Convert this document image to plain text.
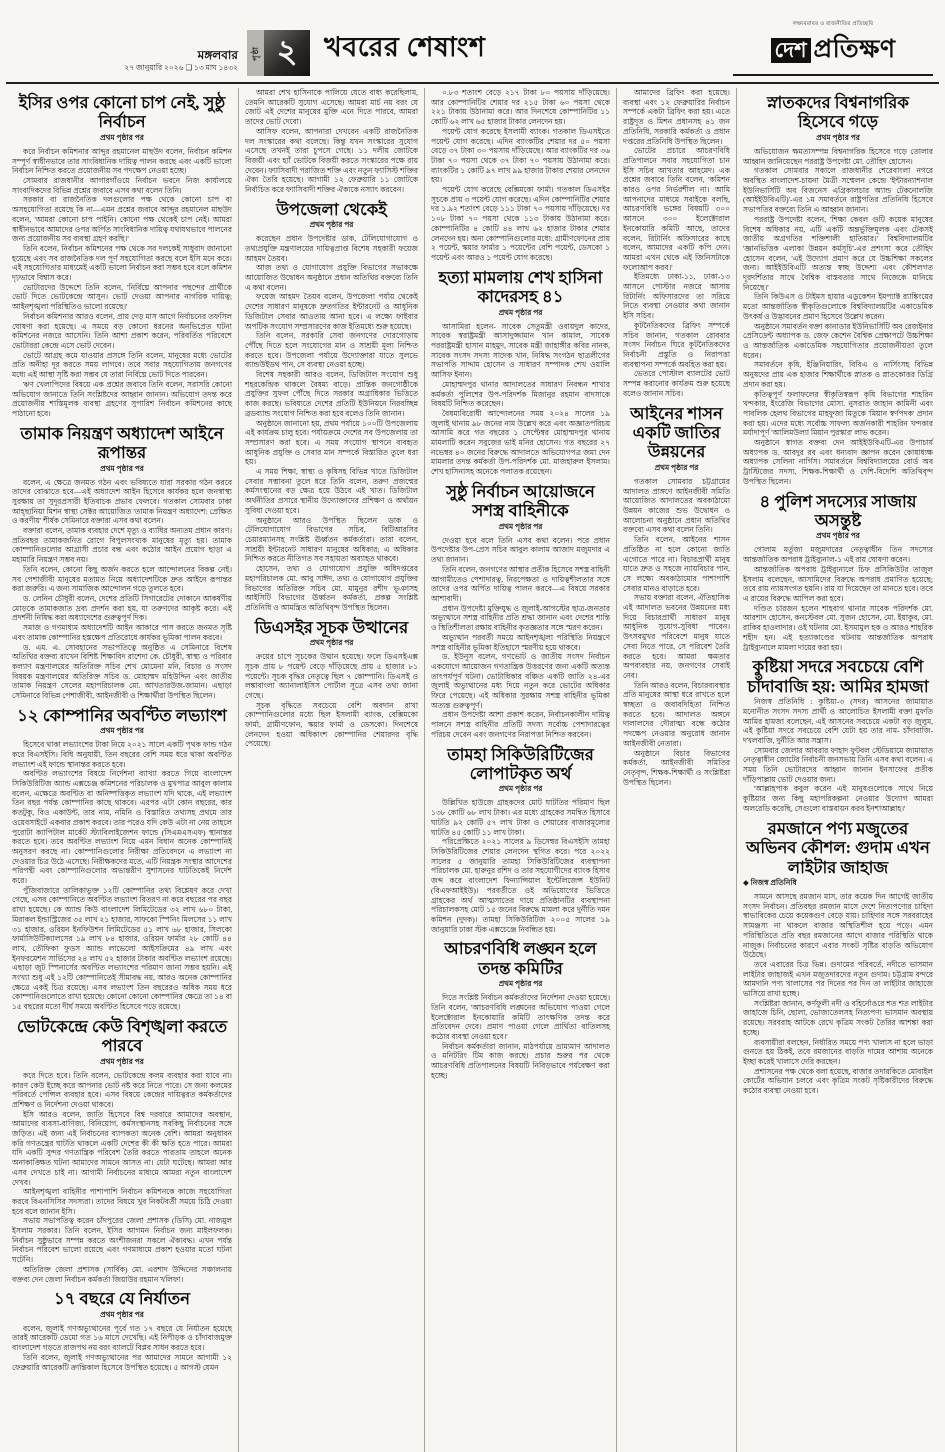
মঙ্গলবার
২৭ জানুয়ারি ২০২৬ ❑ ১৩ মাঘ ১৪৩২
পৃষ্ঠা ২ খবরের শেষাংশ
লক্ষ্যবরাবর ও রাজনীতির প্রতিচ্ছবি
দেশ প্রতিক্ষণ
ইসির ওপর কোনো চাপ নেই, সুষ্ঠু নির্বাচন
প্রথম পৃষ্ঠার পর

করে নির্বাচন কমিশনার আব্দুর রহমানেল মাছউদ বলেন, নির্বাচন কমিশন সম্পূর্ণ স্বাধীনভাবে তার সাংবিধানিক দায়িত্ব পালন করছে এবং একটি ভালো নির্বাচন নিশ্চিত করতে প্রয়োজনীয় সব পদক্ষেপ নেওয়া হচ্ছে।

সোমবার রাজধানীর আগারগাঁওয়ে নির্বাচন ভবনে নিজ কার্যালয়ে সাংবাদিকদের বিভিন্ন প্রশ্নের জবাবে এসব কথা বলেন তিনি।

সরকার বা রাজনৈতিক দলগুলোর পক্ষ থেকে কোনো চাপ বা অসহযোগিতা রয়েছে কি না—এমন প্রশ্নের জবাবে আব্দুর রহমানেল মাছউদ বলেন, 'আমরা কোনো চাপ পাইনি। কোনো পক্ষ থেকেই চাপ নেই। আমরা স্বাধীনভাবে আমাদের ওপর অর্পিত সাংবিধানিক দায়িত্ব যথাযথভাবে পালনের জন্য প্রয়োজনীয় সব ব্যবস্থা গ্রহণ করছি।'

তিনি বলেন, নির্বাচন কমিশনের পক্ষ থেকে সব দলকেই সাধুবাদ জানানো হয়েছে এবং সব রাজনৈতিক দল পূর্ণ সহযোগিতা করছে বলে ইসি মনে করে। এই সহযোগিতার মাধ্যমেই একটি ভালো নির্বাচন করা সম্ভব হবে বলে কমিশন দৃঢ়ভাবে বিশ্বাস করে।

ভোটারদের উদ্দেশে তিনি বলেন, 'নির্বিঘ্নে আপনার পছন্দের প্রার্থীকে ভোট দিতে ভোটকেন্দ্রে আসুন। ভোট দেওয়া আপনার নাগরিক দায়িত্ব; আইনশৃঙ্খলা পরিস্থিতিও ভালো রয়েছে।'

নির্বাচন কমিশনার আরও বলেন, প্রায় দেড় মাস আগে নির্বাচনের তফসিল ঘোষণা করা হয়েছে। এ সময়ে বড় কোনো ধরনের অনভিপ্রেত ঘটনা কমিশনের নজরে আসেনি। তিনি আশা প্রকাশ করেন, পরিবর্তিত পরিবেশে ভোটাররা কেন্দ্রে এসে ভোট দেবেন।

ভোটে আগ্রহ কমে যাওয়ার প্রসঙ্গে তিনি বলেন, মানুষের মধ্যে ভোটের প্রতি অনীহা দূর করতে সময় লাগবে। তবে সবার সহযোগিতায় জনগণের মধ্যে এই আস্থা সৃষ্টি করা সম্ভব যে তারা নির্বিঘ্নে ভোট দিতে পারবেন।

ঋণ খেলাপিদের বিষয়ে এক প্রশ্নের জবাবে তিনি বলেন, সরাসরি কোনো অভিযোগ জানাতে তিনি সংশ্লিষ্টদের আহ্বান জানান। অভিযোগ তদন্ত করে প্রয়োজনীয় শাস্তিমূলক ব্যবস্থা গ্রহণের সুপারিশ নির্বাচন কমিশনের কাছে পাঠানো হবে।

তামাক নিয়ন্ত্রণ অধ্যাদেশ আইনে রূপান্তর
প্রথম পৃষ্ঠার পর

বলেন, এ ক্ষেত্রে জনমত গঠন এবং ভবিষ্যতে যারা সরকার গঠন করবে তাদের বোঝাতে হবে—এই অধ্যাদেশ আইন হিসেবে কার্যকর হলে জনস্বাস্থ্য সুরক্ষায় তা সুদূরপ্রসারী ইতিবাচক প্রভাব ফেলবে। গতকাল সোমবার ঢাকা আহ্ছানিয়া মিশন স্বাস্থ্য সেক্টর আয়োজিত 'তামাক নিয়ন্ত্রণ অধ্যাদেশ: প্রেক্ষিত ও করণীয়' শীর্ষক সেমিনারে বক্তারা এসব কথা বলেন।

বক্তারা বলেন, তামাক ব্যবহার দেশে মৃত্যু ও ব্যাধির অন্যতম প্রধান কারণ। প্রতিবছর তামাকজনিত রোগে বিপুলসংখ্যক মানুষের মৃত্যু হয়। তামাক কোম্পানিগুলোর আগ্রাসী প্রচার বন্ধ এবং কঠোর আইন প্রয়োগ ছাড়া এ মহামারি নিয়ন্ত্রণ সম্ভব নয়।

তিনি বলেন, কোনো কিছু অর্জন করতে হলে আন্দোলনের বিকল্প নেই। সব পেশাজীবী মানুষের মতামত নিয়ে অধ্যাদেশটিকে দ্রুত আইনে রূপান্তর করা জরুরি। এ জন্য সামাজিক আন্দোলন গড়ে তুলতে হবে।

ড. লেনিন চৌধুরী বলেন, দেশের প্রতিটি সিগারেটের দোকানে আকর্ষণীয় মোড়কে তামাকজাত দ্রব্য প্রদর্শন করা হয়, যা তরুণদের আকৃষ্ট করে। এই প্রদর্শনী নিষিদ্ধ করা অধ্যাদেশের গুরুত্বপূর্ণ দিক।

সমাজ ও গণমাধ্যম অধ্যাদেশটি আইন আকারে পাস করতে জনমত সৃষ্টি এবং তামাক কোম্পানির হস্তক্ষেপ প্রতিরোধে কার্যকর ভূমিকা পালন করবে।

ড. এম. এ. সোবহানের সভাপতিত্বে অনুষ্ঠিত এ সেমিনারে বিশেষ অতিথির বক্তব্য রাখেন বিশিষ্ট শিক্ষাবিদ রাশেদা কে. চৌধুরী, স্বাস্থ্য ও পরিবার কল্যাণ মন্ত্রণালয়ের অতিরিক্ত সচিব শেখ মোমেনা মনি, বিচার ও সংসদ বিষয়ক মন্ত্রণালয়ের অতিরিক্ত সচিব ড. মোহাম্মদ মহিউদ্দিন এবং জাতীয় তামাক নিয়ন্ত্রণ সেলের মহাপরিচালক মো. আখতারউজ-জামান। এছাড়া সেমিনারে বিভিন্ন পেশাজীবী, আইনজীবী ও শিক্ষার্থীরা উপস্থিত ছিলেন।

১২ কোম্পানির অবণ্টিত লভ্যাংশ
প্রথম পৃষ্ঠার পর

হিসেবে থাকা লভ্যাংশের টাকা নিয়ে ২০২১ সালে একটি পৃথক ফান্ড গঠন করে বিএসইসি। বিধি অনুযায়ী, তিন বছরের বেশি সময় ধরে থাকা অবণ্টিত লভ্যাংশ এই ফান্ডে স্থানান্তর করতে হবে।

অবণ্টিত লভ্যাংশের বিষয়ে নির্দেশনা ব্যাখ্যা করতে গিয়ে বাংলাদেশ সিকিউরিটিজ অ্যান্ড এক্সচেঞ্জ কমিশনের পরিচালক ও মুখপাত্র আবুল কালাম বলেন, এক্ষেত্রে অবণ্টিত বা অনিষ্পত্তিকৃত লভ্যাংশ যদি থাকে, এই লভ্যাংশ তিন বছর পর্যন্ত কোম্পানির কাছে থাকবে। এরপর এটা কোন বছরের, কার কতটুকু, বিও একাউন্ট, তার নাম, নমিনি ও বিস্তারিত তথ্যসহ প্রথমে তার ওয়েবসাইটে একবার প্রকাশ করবে। তার পরেও যদি কেউ এটা না নেয় তাহলে পুরোটা ক্যাপিটাল মার্কেট স্ট্যাবিলাইজেশন ফান্ডে (সিএমএসএফ) স্থানান্তর করতে হবে। তবে অবণ্টিত লভ্যাংশ নিয়ে এমন বিধান অনেক কোম্পানিই অনুসরণ করছে না। কোম্পানিগুলোর নিরীক্ষা প্রতিবেদনে এ লভ্যাংশ না দেওয়ার চিত্র উঠে এসেছে। নিরীক্ষকদের মতে, এটি নিয়ন্ত্রক সংস্থার আদেশের পরিপন্থী এবং কোম্পানিগুলোর অভ্যন্তরীণ সুশাসনের ঘাটতিকেই নির্দেশ করে।

পুঁজিবাজারে তালিকাভুক্ত ১২টি কোম্পানির তথ্য বিশ্লেষণ করে দেখা গেছে, এসব কোম্পানিতে অবণ্টিত লভ্যাংশ বিতরণ না করে বছরের পর বছর রাখা হয়েছে। কে অ্যান্ড কিউ বাংলাদেশ লিমিটেডের ৩২ লাখ ৬৮০ টাকা, মিরাকল ইন্ডাস্ট্রিজের ৩৫ লাখ ২১ হাজার, সাফকো স্পিনিং মিলসের ১১ লাখ ৩১ হাজার, ওরিয়ন ইনফিউশন লিমিটেডের ৫১ লাখ ৬৮ হাজার, সিলকো ফার্মাসিউটিক্যালসের ১৯ লাখ ৮৪ হাজার, ওরিয়ন ফার্মার ২৮ কোটি ৪৪ লাখ, তৌফিকা ফুডস অ্যান্ড লাভেলো আইসক্রিমের ৪৯ লাখ এবং ইনফরমেশন সার্ভিসের ২৪ লাখ ৫২ হাজার টাকার অবণ্টিত লভ্যাংশ রয়েছে। এছাড়া জুট স্পিনার্সের অবণ্টিত লভ্যাংশের পরিমাণ জানা সম্ভব হয়নি। এই সংখ্যা শুধু এই ১২টি কোম্পানিতেই সীমাবদ্ধ নয়, আরও অনেক কোম্পানির ক্ষেত্রে একই চিত্র রয়েছে। এসব লভ্যাংশ তিন বছরেরও অধিক সময় ধরে কোম্পানিগুলোতে রাখা হয়েছে। কোনো কোনো কোম্পানির ক্ষেত্রে তা ১৪ বা ১৫ বছরের মতো দীর্ঘ সময়ে অবণ্টিত হিসেবে পড়ে রয়েছে।

ভোটকেন্দ্রে কেউ বিশৃঙ্খলা করতে পারবে
প্রথম পৃষ্ঠার পর

করে দিতে হবে। তিনি বলেন, ভোটকেন্দ্রে কলম ব্যবহার করা যাবে না। কারণ কেউ ইচ্ছে করে আপনার ভোট নষ্ট করে নিতে পারে। সে জন্য কলমের পরিবর্তে পেন্সিল ব্যবহার হবে। এসব বিষয়ে কেন্দ্রের দায়িত্বরত কর্মকর্তাদের প্রশিক্ষণ ও নির্দেশনা দেওয়া থাকবে।

ইসি আরও বলেন, জাতি হিসেবে বিশ্ব দরবারে আমাদের অবস্থান, আমাদের ব্যবসা-বাণিজ্য, বিনিয়োগ, কর্মসংস্থানসহ সবকিছু নির্বাচনের সঙ্গে জড়িত। এই জন্য এই নির্বাচনের ব্যাপকতা অনেক বেশি। আমরা অনুধাবন করি গণতন্ত্রের ঘাটতি থাকলে একটি দেশের কী কী ক্ষতি হতে পারে। আমরা যদি একটি সুন্দর গণতান্ত্রিক পরিবেশ তৈরি করতে পারতাম তাহলে অনেক অনাকাঙ্ক্ষিত ঘটনা আমাদের সামনে আসত না। যেটা ঘটেছে। আমরা আর এসব দেখতে চাই না। আগামী নির্বাচনের মাধ্যমে আমরা নতুন বাংলাদেশ দেখব।

আইনশৃঙ্খলা বাহিনীর পাশাপাশি নির্বাচন কমিশনকে কাজে সহযোগিতা করবে বিএনসিসির সদস্যরা। তাদের বিষয়ে খুব নিকটবর্তী সময়ে চিঠি দেওয়া হবে বলে জানান ইসি।

সভায় সভাপতিত্ব করেন চাঁদপুরের জেলা প্রশাসক (ডিসি) মো. নাজমুল ইসলাম সরকার। তিনি বলেন, ইসির আগমন নির্বাচন জন্য মাইলফলক। নির্বাচন সুষ্ঠুভাবে সম্পন্ন করতে অংশীজনরা সকলে ঐক্যবদ্ধ। এখন পর্যন্ত নির্বাচন পরিবেশ ভালো রয়েছে এবং গণমাধ্যমে প্রকাশ হওয়ার মতো ঘটনা ঘটেনি।

অতিরিক্ত জেলা প্রশাসক (সার্বিক) মো. এরশাদ উদ্দিনের সঞ্চালনায় বক্তব্য দেন জেলা নির্বাচন কর্মকর্তা জিয়াউর রহমান খলিফা।

১৭ বছরে যে নির্যাতন
প্রথম পৃষ্ঠার পর

বলেন, জুলাই গণঅভ্যুত্থানের পূর্বে গত ১৭ বছরে যে নির্যাতন হয়েছে তারই আরেকটি ডেমো গত ১৬ মাসে দেখেছি। এই নিপীড়ক ও চাঁদাবাজমুক্ত বাংলাদেশ গড়তে রাজপথ নয় বরং ব্যালটে বিপ্লব সাধন করতে হবে।

তিনি বলেন, জুলাই গণঅভ্যুত্থানের পর আমাদের সামনে আগামী ১২ ফেব্রুয়ারি আরেকটি ক্রান্তিকাল হিসেবে উপস্থিত হয়েছে। ৫ আগস্ট যেমন

আমরা শেখ হাসিনাকে পালিয়ে যেতে বাধ্য করেছিলাম, তেমনি আরেকটি সুযোগ এসেছে। আমরা মার্চ নয় বরং যে জোট এই দেশের মানুষের মুক্তি এনে দিতে পারবে, আমরা তাদের ভোট দেবো।

আসিফ বলেন, আপনারা দেখবেন একটি রাজনৈতিক দল সংস্কারের কথা বলেছে। কিন্তু যখন সংস্কারের সুযোগ এসেছে তখনই তারা চুপসে গেছে। ১১ দলীয় জোটকে বিজয়ী এবং হ্যাঁ ভোটকে বিজয়ী করতে সংস্কারের পক্ষে রায় দেবেন। ফ্যাসিবাদী পরাজিত শক্তি এবং নতুন ফ্যাসিস্ট শক্তির ঐক্য তৈরি হয়েছে। আগামী ১২ ফেব্রুয়ারি ১১ জোটকে নির্বাচিত করে ফ্যাসিবাদী শক্তির ঐক্যকে নস্যাৎ করবেন।

উপজেলা থেকেই
প্রথম পৃষ্ঠার পর

করেছেন প্রধান উপদেষ্টার ডাক, টেলিযোগাযোগ ও তথ্যপ্রযুক্তি মন্ত্রণালয়ের দায়িত্বপ্রাপ্ত বিশেষ সহকারী ফয়েজ আহমদ তৈয়ব।

আজ তথ্য ও যোগাযোগ প্রযুক্তি বিভাগের সভাকক্ষে আয়োজিত উদ্বোধন অনুষ্ঠানে প্রধান অতিথির বক্তব্যে তিনি এ কথা বলেন।

ফয়েজ আহমদ তৈয়ব বলেন, উপজেলা পর্যায় থেকেই দেশের সাধারণ মানুষকে দ্রুতগতির ইন্টারনেট ও আধুনিক ডিজিটাল সেবার আওতায় আনা হবে। এ লক্ষ্যে ফাইবার অপটিক সংযোগ সম্প্রসারণের কাজ ইতিমধ্যে শুরু হয়েছে।

তিনি বলেন, সরকারি সেবা জনগণের দোরগোড়ায় পৌঁছে দিতে হলে সংযোগের মান ও সাশ্রয়ী মূল্য নিশ্চিত করতে হবে। উপজেলা পর্যায়ে উদ্যোক্তারা যাতে সুলভে ব্যান্ডউইডথ পান, সে ব্যবস্থা নেওয়া হচ্ছে।

বিশেষ সহকারী আরও বলেন, ডিজিটাল সংযোগ শুধু শহরকেন্দ্রিক থাকলে বৈষম্য বাড়ে। প্রান্তিক জনগোষ্ঠীকে প্রযুক্তির সুফল পৌঁছে দিতে সরকার অগ্রাধিকার ভিত্তিতে কাজ করছে। ভবিষ্যতে দেশের প্রতিটি ইউনিয়নে নিরবচ্ছিন্ন ব্রডব্যান্ড সংযোগ নিশ্চিত করা হবে বলেও তিনি জানান।

অনুষ্ঠানে জানানো হয়, প্রথম পর্যায়ে ১০০টি উপজেলায় এই কার্যক্রম চালু হবে। পর্যায়ক্রমে দেশের সব উপজেলায় তা সম্প্রসারণ করা হবে। এ সময় সংযোগ স্থাপনে ব্যবহৃত আধুনিক প্রযুক্তি ও সেবার মান সম্পর্কে বিস্তারিত তুলে ধরা হয়।

এ সময় শিক্ষা, স্বাস্থ্য ও কৃষিসহ বিভিন্ন খাতে ডিজিটাল সেবার সম্ভাবনা তুলে ধরে তিনি বলেন, তরুণ প্রজন্মের কর্মসংস্থানের বড় ক্ষেত্র হয়ে উঠবে এই খাত। ডিজিটাল অর্থনীতির প্রসারে স্থানীয় উদ্যোক্তাদের প্রশিক্ষণ ও অর্থায়ন সুবিধা দেওয়া হবে।

অনুষ্ঠানে আরও উপস্থিত ছিলেন ডাক ও টেলিযোগাযোগ বিভাগের সচিব, বিটিআরসির চেয়ারম্যানসহ সংশ্লিষ্ট ঊর্ধ্বতন কর্মকর্তারা। তারা বলেন, সাশ্রয়ী ইন্টারনেট সাধারণ মানুষের অধিকার; এ অধিকার নিশ্চিত করতে নীতিগত সব সহায়তা অব্যাহত থাকবে।

হোসেন, তথ্য ও যোগাযোগ প্রযুক্তি অধিদপ্তরের মহাপরিচালক মো. আবু সাঈদ, তথ্য ও যোগাযোগ প্রযুক্তির বিভাগের অতিরিক্ত সচিব মো. মামুনুর রশীদ ভূঞাসহ আইসিটি বিভাগের ঊর্ধ্বতন কর্মকর্তা, প্রকল্প সংশ্লিষ্ট প্রতিনিধি ও আমন্ত্রিত অতিথিবৃন্দ উপস্থিত ছিলেন।

ডিএসইর সূচক উত্থানের
প্রথম পৃষ্ঠার পর

ক্রয়ের চাপে সূচকের উত্থান হয়েছে। ফলে ডিএসইএক্স সূচক প্রায় ৮ পয়েন্ট বেড়ে দাঁড়িয়েছে প্রায় ৫ হাজার ৮১ পয়েন্টে। সূচক বৃদ্ধির নেতৃত্বে ছিল ৭ কোম্পানি। ডিএসই ও লঙ্কাবাংলা অ্যানালাইসিস পোর্টাল সূত্রে এসব তথ্য জানা গেছে।

সূচক বৃদ্ধিতে সবচেয়ে বেশি অবদান রাখা কোম্পানিগুলোর মধ্যে ছিল ইসলামী ব্যাংক, বেক্সিমকো ফার্মা, গ্রামীণফোন, স্কয়ার ফার্মা ও ডেসকো। দিনশেষে লেনদেন হওয়া অধিকাংশ কোম্পানির শেয়ারদর বৃদ্ধি পেয়েছে।

০.৮৩ শতাংশ বেড়ে ২১৭ টাকা ৮০ পয়সায় দাঁড়িয়েছে। আর কোম্পানিটির শেয়ার দর ২১৫ টাকা ৬০ পয়সা থেকে ২২১ টাকায় উঠানামা করে। আর দিনশেষে কোম্পানিটির ১১ কোটি ৬২ লাখ ৬৫ হাজার টাকার লেনদেন হয়।

পয়েন্ট যোগ করেছে ইসলামী ব্যাংক। গতকাল ডিএসইতে পয়েন্ট যোগ করেছে। এদিন ব্যাংকটির শেয়ার দর ৫০ পয়সা বেড়ে ৩৭ টাকা ৩০ পয়সায় দাঁড়িয়েছে। আর ব্যাংকটির দর ৩৬ টাকা ৭০ পয়সা থেকে ৩৭ টাকা ৭০ পয়সায় উঠানামা করে। ব্যাংকটির ১ কোটি ৯৭ লাখ ৯৯ হাজার টাকার শেয়ার লেনদেন হয়।

পয়েন্ট যোগ করেছে বেক্সিমকো ফার্মা। গতকাল ডিএসইর সূচকে প্রায় ৩ পয়েন্ট যোগ করেছে। এদিন কোম্পানিটির শেয়ার দর ১.৯২ শতাংশ বেড়ে ১১১ টাকা ৭০ পয়সায় দাঁড়িয়েছে। দর ১০৮ টাকা ৭০ পয়সা থেকে ১১৩ টাকায় উঠানামা করে। কোম্পানিটির ৪ কোটি ৪৪ লাখ ৬২ হাজার টাকার শেয়ার লেনদেন হয়। অন্য কোম্পানিগুলোর মধ্যে: গ্রামীণফোনের প্রায় ২ পয়েন্ট, স্কয়ার ফার্মার ১ পয়েন্টের বেশি পয়েন্ট, ডেসকো ১ পয়েন্ট এবং আরও ১ পয়েন্ট যোগ করেছে।

হত্যা মামলায় শেখ হাসিনা কাদেরসহ ৪১
প্রথম পৃষ্ঠার পর

আসামিরা হলেন- সাবেক সেতুমন্ত্রী ওবায়দুল কাদের, সাবেক স্বরাষ্ট্রমন্ত্রী আসাদুজ্জামান খান কামাল, সাবেক পররাষ্ট্রমন্ত্রী হাসান মাহমুদ, সাবেক মন্ত্রী জাহাঙ্গীর কবির নানক, সাবেক সংসদ সদস্য সাদেক খান, নিষিদ্ধ সংগঠন ছাত্রলীগের সভাপতি সাদ্দাম হোসেন ও সাধারণ সম্পাদক শেখ ওয়ালি আসিফ ইনান।

মোহাম্মদপুর থানার আদালতের সাধারণ নিবন্ধন শাখার কর্মকর্তা পুলিশের উপ-পরিদর্শক মিজানুর রহমান বাদসাকে বিষয়টি নিশ্চিত করেছেন।

বৈষম্যবিরোধী আন্দোলনের সময় ২০২৪ সালের ১৯ জুলাই থানায় ৯৮ জনের নাম উল্লেখ করে এবং অজ্ঞাতপরিচয় আসামি করে গত বছরের ১ সেপ্টেম্বর মোহাম্মদপুর থানায় মামলাটি করেন সবুজের ভাই মনির হোসেন। গত বছরের ২৭ নভেম্বর ৪০ জনের বিরুদ্ধে আদালতে অভিযোগপত্র জমা দেন মামলার তদন্ত কর্মকর্তা উপ-পরিদর্শক মো. মাজহারুল ইসলাম। শেখ হাসিনাসহ অনেকে পলাতক রয়েছেন।

সুষ্ঠু নির্বাচন আয়োজনে সশস্ত্র বাহিনীকে
প্রথম পৃষ্ঠার পর

দেওয়া হবে বলে তিনি এসব কথা বলেন। পরে প্রধান উপদেষ্টার উপ-প্রেস সচিব আবুল কালাম আজাদ মজুমদার এ তথ্য জানান।

তিনি বলেন, জনগণের আস্থার প্রতীক হিসেবে সশস্ত্র বাহিনী আগামীতেও পেশাদারত্ব, নিরপেক্ষতা ও দায়িত্বশীলতার সঙ্গে তাদের ওপর অর্পিত দায়িত্ব পালন করবে—এ বিষয়ে সরকার আশাবাদী।

প্রধান উপদেষ্টা মুক্তিযুদ্ধ ও জুলাই-আগস্টের ছাত্র-জনতার অভ্যুত্থানে সশস্ত্র বাহিনীর প্রতি শ্রদ্ধা জানান এবং দেশের শান্তি ও স্থিতিশীলতা রক্ষায় বাহিনীর কৃতজ্ঞতার সঙ্গে স্মরণ করেন।

অভ্যুত্থান পরবর্তী সময়ে আইনশৃঙ্খলা পরিস্থিতি নিয়ন্ত্রণে সশস্ত্র বাহিনীর ভূমিকা ইতিহাসে স্মরণীয় হয়ে থাকবে।

ড. ইউনূস বলেন, গণভোট ও জাতীয় সংসদ নির্বাচন একযোগে আয়োজন গণতান্ত্রিক উত্তরণের জন্য একটি অত্যন্ত তাৎপর্যপূর্ণ ঘটনা। ভোটাধিকার বঞ্চিত একটি জাতি ২৪-এর জুলাই অভ্যুত্থানের মধ্য দিয়ে নতুন করে ভোটের অধিকার ফিরে পেয়েছে। এই অধিকার সুরক্ষায় সশস্ত্র বাহিনীর ভূমিকা অত্যন্ত গুরুত্বপূর্ণ।

প্রধান উপদেষ্টা আশা প্রকাশ করেন, নির্বাচনকালীন দায়িত্ব পালনে সশস্ত্র বাহিনীর প্রতিটি সদস্য সর্বোচ্চ পেশাদারত্বের পরিচয় দেবেন এবং জনগণের নিরাপত্তা নিশ্চিত করবেন।

তামহা সিকিউরিটিজের লোপাটকৃত অর্থ
প্রথম পৃষ্ঠার পর

উল্লিখিত হাউজে গ্রাহকদের মোট ঘাটতির পরিমাণ ছিল ১৩৮ কোটি ৬৮ লাখ টাকা। এর মধ্যে গ্রাহকের সমন্বিত হিসাবে ঘাটতি ৯২ কোটি ৫৭ লাখ টাকা ও শেয়ারের বাজারমূল্যের ঘাটতি ৪৫ কোটি ১১ লাখ টাকা।

পরিপ্রেক্ষিতে ২০২১ সালের ৯ ডিসেম্বর বিএসইসি তামহা সিকিউরিটিজের শেয়ার লেনদেন স্থগিত করে। পরে ২০২২ সালের ৫ জানুয়ারি তামহা সিকিউরিটিজের ব্যবস্থাপনা পরিচালক মো. হারুনুর রশিদ ও তার সহযোগীদের ব্যাংক হিসাব জব্দ করে বাংলাদেশ ফিন্যান্সিয়াল ইন্টেলিজেন্স ইউনিট (বিএফআইইউ)। পরবর্তীতে ওই অভিযোগের ভিত্তিতে গ্রাহকের অর্থ আত্মসাতের দায়ে প্রতিষ্ঠানটির ব্যবস্থাপনা পরিচালকসহ মোট ১৫ জনের বিরুদ্ধে মামলা করে দুর্নীতি দমন কমিশন (দুদক)। তামহা সিকিউরিটিজ ২০০৫ সালের ১৯ জানুয়ারি ঢাকা স্টক এক্সচেঞ্জে নিবন্ধিত হয়।

আচরণবিধি লঙ্ঘন হলে তদন্ত কমিটির
প্রথম পৃষ্ঠার পর

দিতে সংশ্লিষ্ট নির্বাচন কর্মকর্তাদের নির্দেশনা দেওয়া হয়েছে। তিনি বলেন, 'আচরণবিধি লঙ্ঘনের অভিযোগ পাওয়া গেলে ইলেক্টোরাল ইনকোয়ারি কমিটি তাৎক্ষণিক তদন্ত করে প্রতিবেদন দেবে। প্রমাণ পাওয়া গেলে প্রার্থিতা বাতিলসহ কঠোর ব্যবস্থা নেওয়া হবে।'

নির্বাচন কর্মকর্তারা জানান, মাঠপর্যায়ে ভ্রাম্যমাণ আদালত ও মনিটরিং টিম কাজ করছে। প্রচার শুরুর পর থেকে আচরণবিধি প্রতিপালনের বিষয়টি নিবিড়ভাবে পর্যবেক্ষণ করা হচ্ছে।

আমাদের ব্রিফিং করা হয়েছে। ব্যবস্থা এবং ১২ ফেব্রুয়ারির নির্বাচন সম্পর্কে একটা ব্রিফিং করা হয়। এতে রাষ্ট্রদূত ও মিশন প্রধানসহ ৪১ জন প্রতিনিধি, সরকারি কর্মকর্তা ও প্রধান দপ্তরের প্রতিনিধি উপস্থিত ছিলেন।

ভোটের প্রচারে আচরণবিধি প্রতিপালনে সবার সহযোগিতা চান ইসি সচিব আখতার আহমেদ। এক প্রশ্নের জবাবে তিনি বলেন, 'কমিশন কারও ওপর নির্ভরশীল না। আমি আপনাদের মাধ্যমে সবাইকে বলছি, আচরণবিধি ভঙ্গের বিষয়টি ৩০০ আসনে ৩০০ ইলেক্টোরাল ইনকোয়ারি কমিটি আছে, তাদের বলেন, রিটার্নিং অফিসারের কাছে বলেন, আমাদের একটি কপি দেন। আমরা এখন থেকে এই জিনিসটাকে ফলোআপ করব।'

ইতিমধ্যে ঢাকা-১১, ঢাকা-১৩ আসনে পোস্টার নজরে আসায় রিটার্নিং অফিসারদের তা সরিয়ে নিতে ব্যবস্থা নেওয়ার কথা জানান ইসি সচিব।

কূটনৈতিকদের ব্রিফিং সম্পর্কে সচিব জানান, গতকাল রোববার সংসদ নির্বাচন ঘিরে কূটনৈতিকদের নির্বাচনী প্রস্তুতি ও নিরাপত্তা ব্যবস্থাপনা সম্পর্কে অবহিত করা হয়।

ভেতরে পোস্টাল ব্যালটের ভোট সম্পন্ন করানোর কার্যক্রম শুরু হয়েছে বলেও জানান সচিব।

আইনের শাসন একটি জাতির উন্নয়নের
প্রথম পৃষ্ঠার পর

গতকাল সোমবার চট্টগ্রামের আদালত প্রাঙ্গণে আইনজীবী সমিতি আয়োজিত আদালতের অবকাঠামো উন্নয়ন কাজের শুভ উদ্বোধন ও আলোচনা অনুষ্ঠানে প্রধান অতিথির বক্তব্যে এসব কথা বলেন তিনি।

তিনি বলেন, আইনের শাসন প্রতিষ্ঠিত না হলে কোনো জাতি এগোতে পারে না। বিচারপ্রার্থী মানুষ যাতে দ্রুত ও সহজে ন্যায়বিচার পান, সে লক্ষ্যে অবকাঠামোর পাশাপাশি সেবার মানও বাড়াতে হবে।

সভায় বক্তারা বলেন, ঐতিহাসিক এই আদালত ভবনের উন্নয়নের মধ্য দিয়ে বিচারপ্রার্থী সাধারণ মানুষ আধুনিক সুযোগ-সুবিধা পাবেন। উৎসবমুখর পরিবেশে মানুষ যাতে সেবা নিতে পারে, সে পরিবেশ তৈরি করতে হবে। আমরা ক্ষমতার অপব্যবহার নয়, জনগণের সেবাই নেব।

তিনি আরও বলেন, বিচারব্যবস্থার প্রতি মানুষের আস্থা ধরে রাখতে হলে স্বচ্ছতা ও জবাবদিহিতা নিশ্চিত করতে হবে। আদালত অঙ্গনে দালালদের দৌরাত্ম্য বন্ধে কঠোর পদক্ষেপ নেওয়ার অনুরোধ জানান আইনজীবী নেতারা।

অনুষ্ঠানে বিচার বিভাগের কর্মকর্তা, আইনজীবী সমিতির নেতৃবৃন্দ, শিক্ষক-শিক্ষার্থী ও সংশ্লিষ্টরা উপস্থিত ছিলেন।

স্নাতকদের বিশ্বনাগরিক হিসেবে গড়ে
প্রথম পৃষ্ঠার পর

অভিযোজন ক্ষমতাসম্পন্ন বিশ্বনাগরিক হিসেবে গড়ে তোলার আহ্বান জানিয়েছেন পররাষ্ট্র উপদেষ্টা মো. তৌহিদ হোসেন।

গতকাল সোমবার সকালে রাজধানীর শেরেবাংলা নগরে অবস্থিত বাংলাদেশ-চায়না মৈত্রী সম্মেলন কেন্দ্রে 'ইন্টারন্যাশনাল ইউনিভার্সিটি অব বিজনেস এগ্রিকালচার অ্যান্ড টেকনোলজি (আইইউবিএটি)'-এর ১ম সমাবর্তনে রাষ্ট্রপতির প্রতিনিধি হিসেবে সভাপতির বক্তব্যে তিনি এ আহ্বান জানান।

পররাষ্ট্র উপদেষ্টা বলেন, 'শিক্ষা কেবল গুটি কয়েক মানুষের বিশেষ অধিকার নয়, এটি একটি অন্তর্ভুক্তিমূলক এবং টেকসই জাতীয় অগ্রগতির শক্তিশালী হাতিয়ার।' বিশ্ববিদ্যালয়টির 'জ্ঞানভিত্তিক এলাকা উন্নয়ন কর্মসূচি'-এর প্রশংসা করে তৌহিদ হোসেন বলেন, 'এই উদ্যোগ প্রমাণ করে যে উচ্চশিক্ষা সকলের জন্য। আইইউবিএটি অত্যন্ত স্বচ্ছ উদ্দেশ্য এবং কৌশলগত দূরদর্শিতার সাথে বৈশ্বিক বাস্তবতার সাথে নিজেকে মানিয়ে নিয়েছে।'

তিনি কিউএস ও টাইমস হায়ার এডুকেশন ইমপ্যাক্ট র‍্যাঙ্কিংয়ের মতো আন্তর্জাতিক স্বীকৃতিগুলোকে বিশ্ববিদ্যালয়টির একাডেমিক উৎকর্ষ ও উদ্ভাবনের প্রমাণ হিসেবে উল্লেখ করেন।

অনুষ্ঠানে সমাবর্তন বক্তা কানাডার ইউনিভার্সিটি অব রেজইনার প্রেসিডেন্ট অধ্যাপক ড. জেফ কেশেন বৈশ্বিক প্রেক্ষাপটে উচ্চশিক্ষা ও আন্তর্জাতিক একাডেমিক সহযোগিতার প্রয়োজনীয়তা তুলে ধরেন।

সমাবর্তনে কৃষি, ইঞ্জিনিয়ারিং, বিবিএ ও নার্সিংসহ বিভিন্ন অনুষদের প্রায় এক হাজার শিক্ষার্থীকে স্নাতক ও স্নাতকোত্তর ডিগ্রি প্রদান করা হয়।

কৃতিত্বপূর্ণ ফলাফলের স্বীকৃতিস্বরূপ কৃষি বিভাগের শাহরিন খন্দকার, ইংরেজি বিভাগের মোসা. নুসরাত জাহান কামিনী এবং পাবলিক হেলথ বিভাগের মাহফুজা মিতুকে 'মিয়ান স্বর্ণপদক' প্রদান করা হয়। এদের মধ্যে সর্বোচ্চ সাফল্য অর্জনকারী শাহরিন খন্দকার মর্যাদাপূর্ণ 'আলিমউল্যা মিয়ান পুরস্কার' লাভ করেন।

অনুষ্ঠানে স্বাগত বক্তব্য দেন আইইউবিএটি-এর উপাচার্য অধ্যাপক ড. আবদুর রব এবং ধন্যবাদ জ্ঞাপন করেন কোষাধ্যক্ষ অধ্যাপক সেলিনা নার্গিস। সমাবর্তনে বিশ্ববিদ্যালয়ের বোর্ড অব ট্রাস্টিজের সদস্য, শিক্ষক-শিক্ষার্থী ও দেশি-বিদেশি অতিথিবৃন্দ উপস্থিত ছিলেন।

৪ পুলিশ সদস্যের সাজায় অসন্তুষ্ট
প্রথম পৃষ্ঠার পর

গোলাম মর্তুজা মজুমদারের নেতৃত্বাধীন তিন সদস্যের আন্তর্জাতিক অপরাধ ট্রাইব্যুনাল-১ এই রায় ঘোষণা করেন।

আন্তর্জাতিক অপরাধ ট্রাইব্যুনালে চিফ প্রসিকিউটর তাজুল ইসলাম বলেছেন, আসামিদের বিরুদ্ধে অপরাধ প্রমাণিত হয়েছে; তবে রায় ন্যায়সংগত হয়নি। রায় যা দিয়েছেন তা মানতে হবে। তবে এ রায়ের বিরুদ্ধে আপিল করা হবে।

দণ্ডিত চারজন হলেন শাহবাগ থানার সাবেক পরিদর্শক মো. আরশাদ হোসেন, কনস্টেবল মো. সুজন হোসেন, মো. ইয়াকুব, মো. রাকিব হাওলাদার। ওই ঘটনায় মো. ইসমামুল হক ও আরও শাহরিক শহীদ হন। এই হত্যাকাণ্ডের ঘটনায় আন্তর্জাতিক অপরাধ ট্রাইব্যুনালে মামলা দায়ের করা হয়।

কুষ্টিয়া সদরে সবচেয়ে বেশি চাঁদাবাজি হয়: আমির হামজা

নিজস্ব প্রতিনিধি : কুষ্টিয়া-৩ (সদর) আসনের জামায়াত মনোনীত সংসদ সদস্য প্রার্থী ও আলোচিত ইসলামী বক্তা মুফতি আমির হামজা বলেছেন, এই আসনের সবচেয়ে একটা বড় জুলুম, এই কুষ্টিয়া সদরে সবচেয়ে বেশি যেটা হয় তার নাম- চাঁদাবাজি-দখলবাজি, দুর্নীতি আর সন্ত্রাস।

সোমবার জেলার আবরার ফাহাদ ফুটবল স্টেডিয়ামে জামায়াত নেতৃত্বাধীন জোটের নির্বাচনী জনসভায় তিনি এসব কথা বলেন। এ সময় তিনি ভোটারদের আহ্বান জানান ইনসাফের প্রতীক দাঁড়িপাল্লায় ভোট দেওয়ার জন্য।

'আল্লাহপাক কবুল করেন এই মানুষগুলোকে সাথে নিয়ে কুষ্টিয়ার জন্য কিছু মহাপরিকল্পনা নেওয়ার উদ্যোগ আমরা অলরেডি করেছি, সেগুলো বাস্তবায়ন করব ইনশাআল্লাহ।'

রমজানে পণ্য মজুতের অভিনব কৌশল: গুদাম এখন লাইটার জাহাজ
◆ নিজস্ব প্রতিনিধি

সামনে আসছে রমজান মাস, তার কয়েক দিন আগেই জাতীয় সংসদ নির্বাচন। প্রতিবছর রমজান মাসে দেশে নিত্যপণ্যের চাহিদা স্বাভাবিকের চেয়ে কয়েকগুণ বেড়ে যায়। চাহিদার সঙ্গে সরবরাহের সামঞ্জস্য না থাকলে বাজার অস্থিতিশীল হয়ে পড়ে। এমন পরিস্থিতিতে প্রতি বছর রমজানের আগে বাজার পরিস্থিতি থাকে নাজুক। নির্বাচনের কারণে এবার সংকট সৃষ্টির বাড়তি অভিযোগ উঠেছে।

তবে এবারের চিত্র ভিন্ন। গুদামের পরিবর্তে, নদীতে ভাসমান লাইটার জাহাজই এখন মজুতদারদের নতুন গুদাম। চট্টগ্রাম বন্দরে আমদানি পণ্য খালাসের পর দিনের পর দিন তা লাইটার জাহাজে ভাসিয়ে রাখা হচ্ছে।

সংশ্লিষ্টরা জানান, কর্ণফুলী নদী ও বহির্নোঙরে শত শত লাইটার জাহাজে চিনি, ছোলা, ভোজ্যতেলসহ নিত্যপণ্য ভাসমান অবস্থায় রয়েছে। সরবরাহ আটকে রেখে কৃত্রিম সংকট তৈরির আশঙ্কা করা হচ্ছে।

ব্যবসায়ীরা বলছেন, নির্ধারিত সময়ে পণ্য খালাস না হলে ভাড়া গুনতে হয় ঠিকই, তবে রমজানের বাড়তি দামের আশায় অনেকে ইচ্ছা করেই খালাসে দেরি করছেন।

প্রশাসনের পক্ষ থেকে বলা হয়েছে, বাজার তদারকিতে মোবাইল কোর্টের অভিযান চলবে এবং কৃত্রিম সংকট সৃষ্টিকারীদের বিরুদ্ধে কঠোর ব্যবস্থা নেওয়া হবে।
